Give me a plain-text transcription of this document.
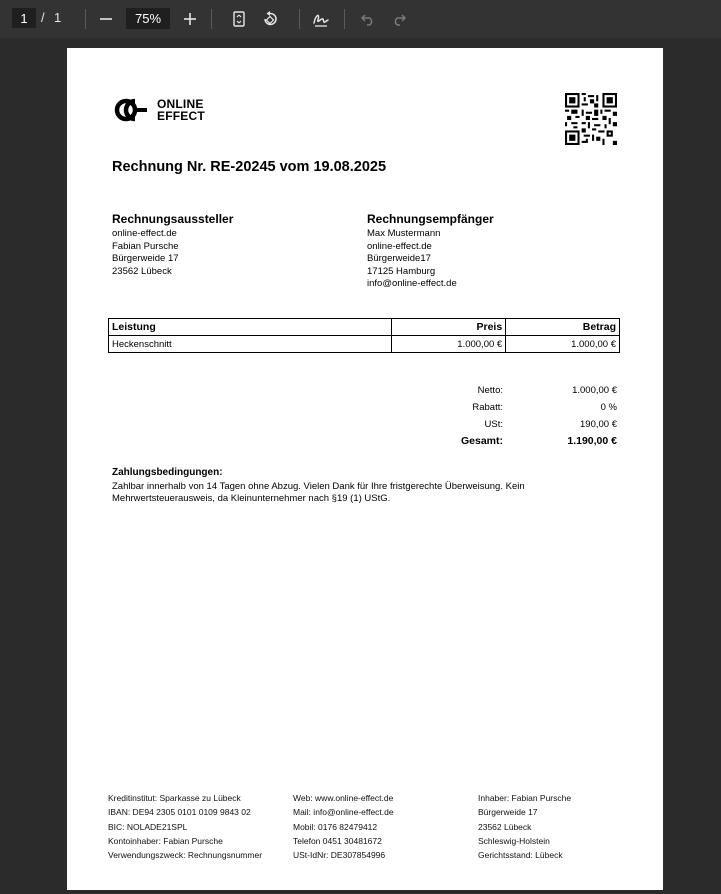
1	/ 1	75%
ONLINE
EFFECT
Rechnung Nr. RE-20245 vom 19.08.2025
Rechnungsaussteller
online-effect.de
Fabian Pursche
Bürgerweide 17
23562 Lübeck
Rechnungsempfänger
Max Mustermann
online-effect.de
Bürgerweide17
17125 Hamburg
info@online-effect.de
Leistung	Preis	Betrag
Heckenschnitt	1.000,00 €	1.000,00 €
Netto:	1.000,00 €
Rabatt:	0 %
USt:	190,00 €
Gesamt:	1.190,00 €
Zahlungsbedingungen:
Zahlbar innerhalb von 14 Tagen ohne Abzug. Vielen Dank für Ihre fristgerechte Überweisung. Kein Mehrwertsteuerausweis, da Kleinunternehmer nach §19 (1) UStG.
Kreditinstitut: Sparkasse zu Lübeck
IBAN: DE94 2305 0101 0109 9843 02
BIC: NOLADE21SPL
Kontoinhaber: Fabian Pursche
Verwendungszweck: Rechnungsnummer
Web: www.online-effect.de
Mail: info@online-effect.de
Mobil: 0176 82479412
Telefon 0451 30481672
USt-IdNr: DE307854996
Inhaber: Fabian Pursche
Bürgerweide 17
23562 Lübeck
Schleswig-Holstein
Gerichtsstand: Lübeck
